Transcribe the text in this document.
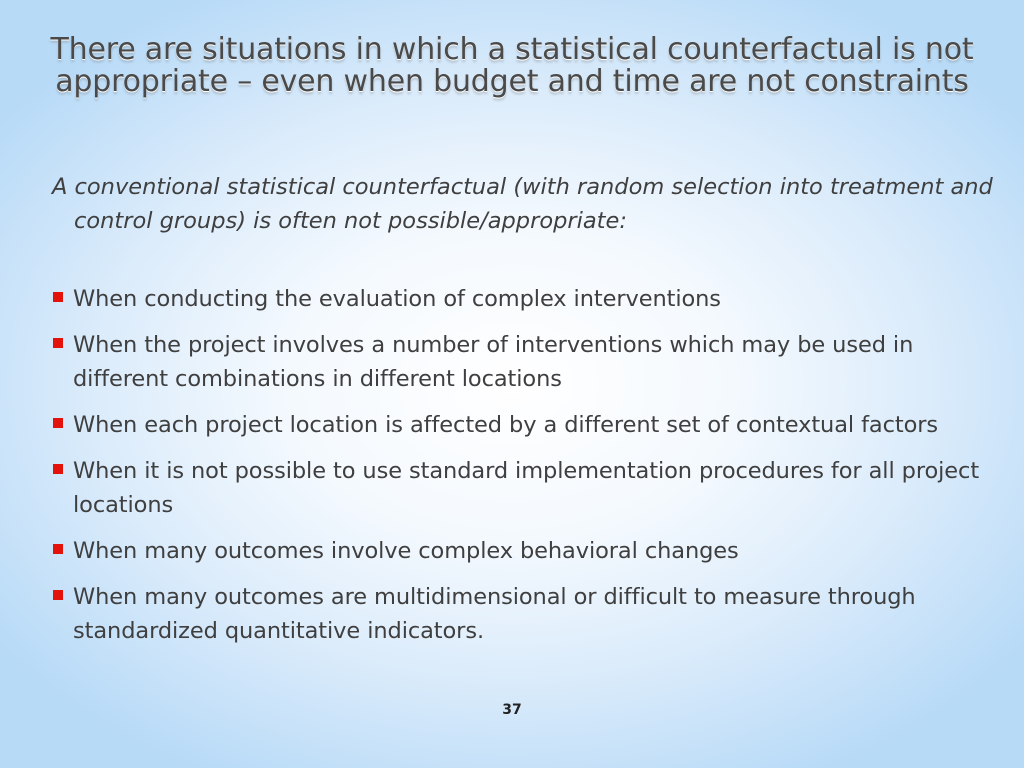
There are situations in which a statistical counterfactual is not appropriate – even when budget and time are not constraints
A conventional statistical counterfactual (with random selection into treatment and control groups) is often not possible/appropriate:
When conducting the evaluation of complex interventions
When the project involves a number of interventions which may be used in different combinations in different locations
When each project location is affected by a different set of contextual factors
When it is not possible to use standard implementation procedures for all project locations
When many outcomes involve complex behavioral changes
When many outcomes are multidimensional or difficult to measure through standardized quantitative indicators.
37
